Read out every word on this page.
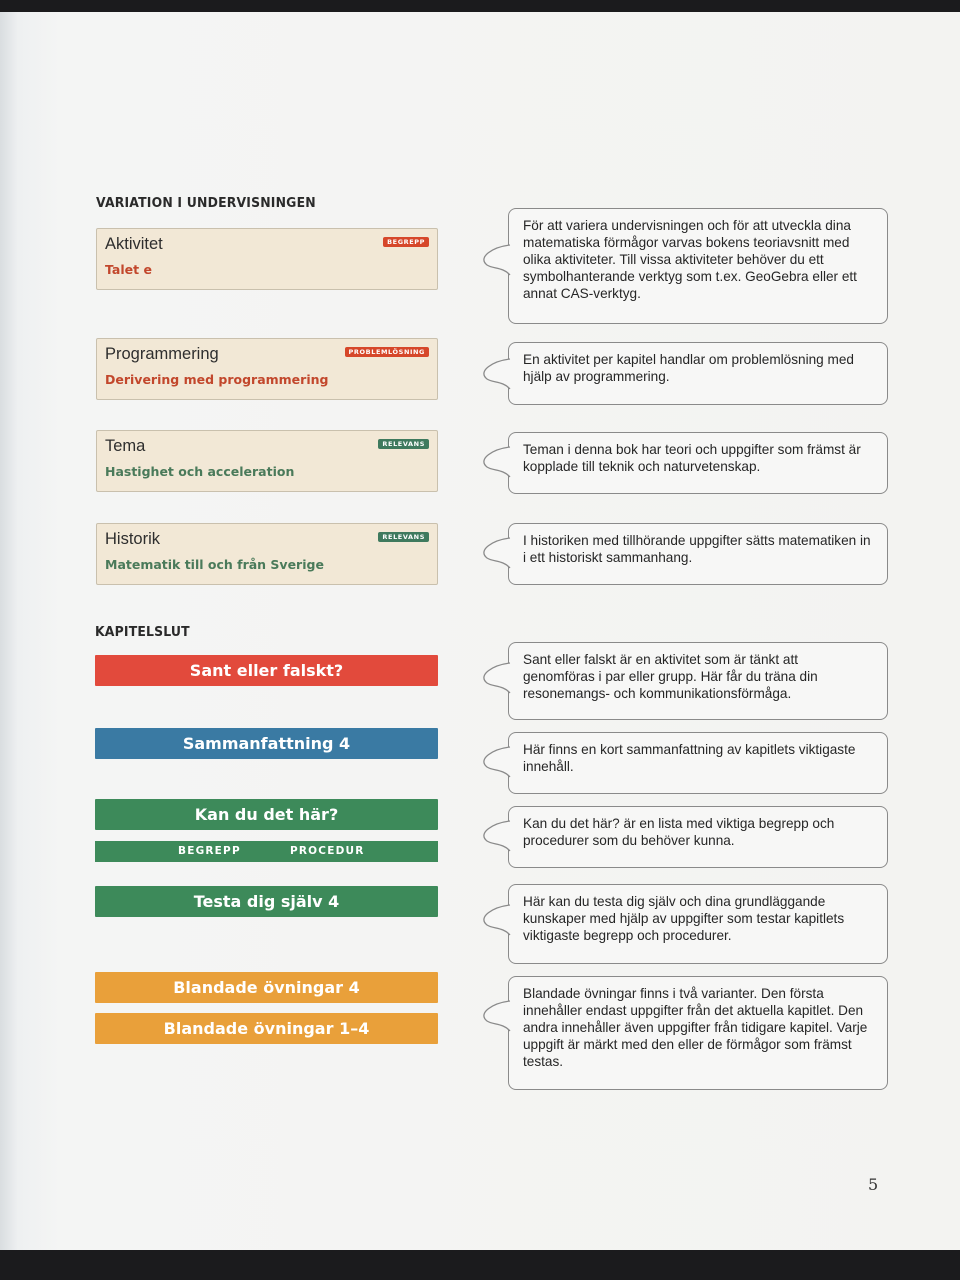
VARIATION I UNDERVISNINGEN
Aktivitet	BEGREPP
Talet e
Programmering	PROBLEMLÖSNING
Derivering med programmering
Tema	RELEVANS
Hastighet och acceleration
Historik	RELEVANS
Matematik till och från Sverige
KAPITELSLUT
Sant eller falskt?
Sammanfattning 4
Kan du det här?
BEGREPP	PROCEDUR
Testa dig själv 4
Blandade övningar 4
Blandade övningar 1–4
För att variera undervisningen och för att utveckla dina matematiska förmågor varvas bokens teoriavsnitt med olika aktiviteter. Till vissa aktiviteter behöver du ett symbolhanterande verktyg som t.ex. GeoGebra eller ett annat CAS-verktyg.
En aktivitet per kapitel handlar om problemlösning med hjälp av programmering.
Teman i denna bok har teori och uppgifter som främst är kopplade till teknik och naturvetenskap.
I historiken med tillhörande uppgifter sätts matematiken in i ett historiskt sammanhang.
Sant eller falskt är en aktivitet som är tänkt att genomföras i par eller grupp. Här får du träna din resonemangs- och kommunikationsförmåga.
Här finns en kort sammanfattning av kapitlets viktigaste innehåll.
Kan du det här? är en lista med viktiga begrepp och procedurer som du behöver kunna.
Här kan du testa dig själv och dina grundläggande kunskaper med hjälp av uppgifter som testar kapitlets viktigaste begrepp och procedurer.
Blandade övningar finns i två varianter. Den första innehåller endast uppgifter från det aktuella kapitlet. Den andra innehåller även uppgifter från tidigare kapitel. Varje uppgift är märkt med den eller de förmågor som främst testas.
5
